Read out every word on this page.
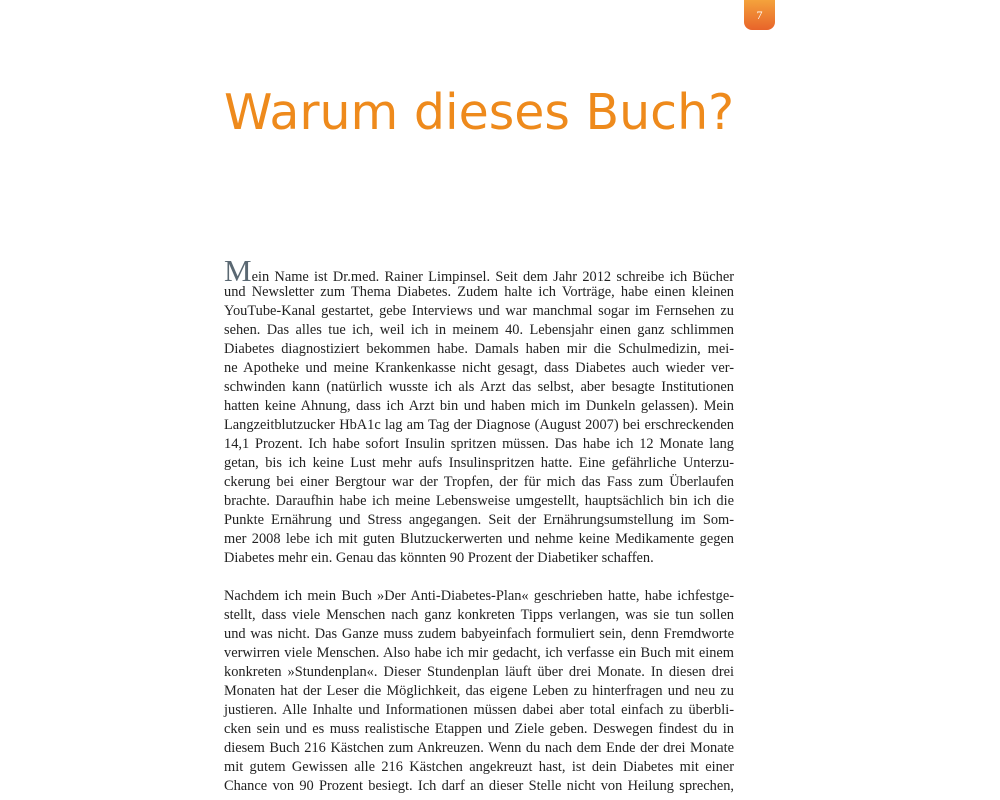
7
Warum dieses Buch?
Mein Name ist Dr.med. Rainer Limpinsel. Seit dem Jahr 2012 schreibe ich Bücher
und Newsletter zum Thema Diabetes. Zudem halte ich Vorträge, habe einen kleinen
YouTube-Kanal gestartet, gebe Interviews und war manchmal sogar im Fernsehen zu
sehen. Das alles tue ich, weil ich in meinem 40. Lebensjahr einen ganz schlimmen
Diabetes diagnostiziert bekommen habe. Damals haben mir die Schulmedizin, mei-
ne Apotheke und meine Krankenkasse nicht gesagt, dass Diabetes auch wieder ver-
schwinden kann (natürlich wusste ich als Arzt das selbst, aber besagte Institutionen
hatten keine Ahnung, dass ich Arzt bin und haben mich im Dunkeln gelassen). Mein
Langzeitblutzucker HbA1c lag am Tag der Diagnose (August 2007) bei erschreckenden
14,1 Prozent. Ich habe sofort Insulin spritzen müssen. Das habe ich 12 Monate lang
getan, bis ich keine Lust mehr aufs Insulinspritzen hatte. Eine gefährliche Unterzu-
ckerung bei einer Bergtour war der Tropfen, der für mich das Fass zum Überlaufen
brachte. Daraufhin habe ich meine Lebensweise umgestellt, hauptsächlich bin ich die
Punkte Ernährung und Stress angegangen. Seit der Ernährungsumstellung im Som-
mer 2008 lebe ich mit guten Blutzuckerwerten und nehme keine Medikamente gegen
Diabetes mehr ein. Genau das könnten 90 Prozent der Diabetiker schaffen.
Nachdem ich mein Buch »Der Anti-Diabetes-Plan« geschrieben hatte, habe ichfestge-
stellt, dass viele Menschen nach ganz konkreten Tipps verlangen, was sie tun sollen
und was nicht. Das Ganze muss zudem babyeinfach formuliert sein, denn Fremdworte
verwirren viele Menschen. Also habe ich mir gedacht, ich verfasse ein Buch mit einem
konkreten »Stundenplan«. Dieser Stundenplan läuft über drei Monate. In diesen drei
Monaten hat der Leser die Möglichkeit, das eigene Leben zu hinterfragen und neu zu
justieren. Alle Inhalte und Informationen müssen dabei aber total einfach zu überbli-
cken sein und es muss realistische Etappen und Ziele geben. Deswegen findest du in
diesem Buch 216 Kästchen zum Ankreuzen. Wenn du nach dem Ende der drei Monate
mit gutem Gewissen alle 216 Kästchen angekreuzt hast, ist dein Diabetes mit einer
Chance von 90 Prozent besiegt. Ich darf an dieser Stelle nicht von Heilung sprechen,
